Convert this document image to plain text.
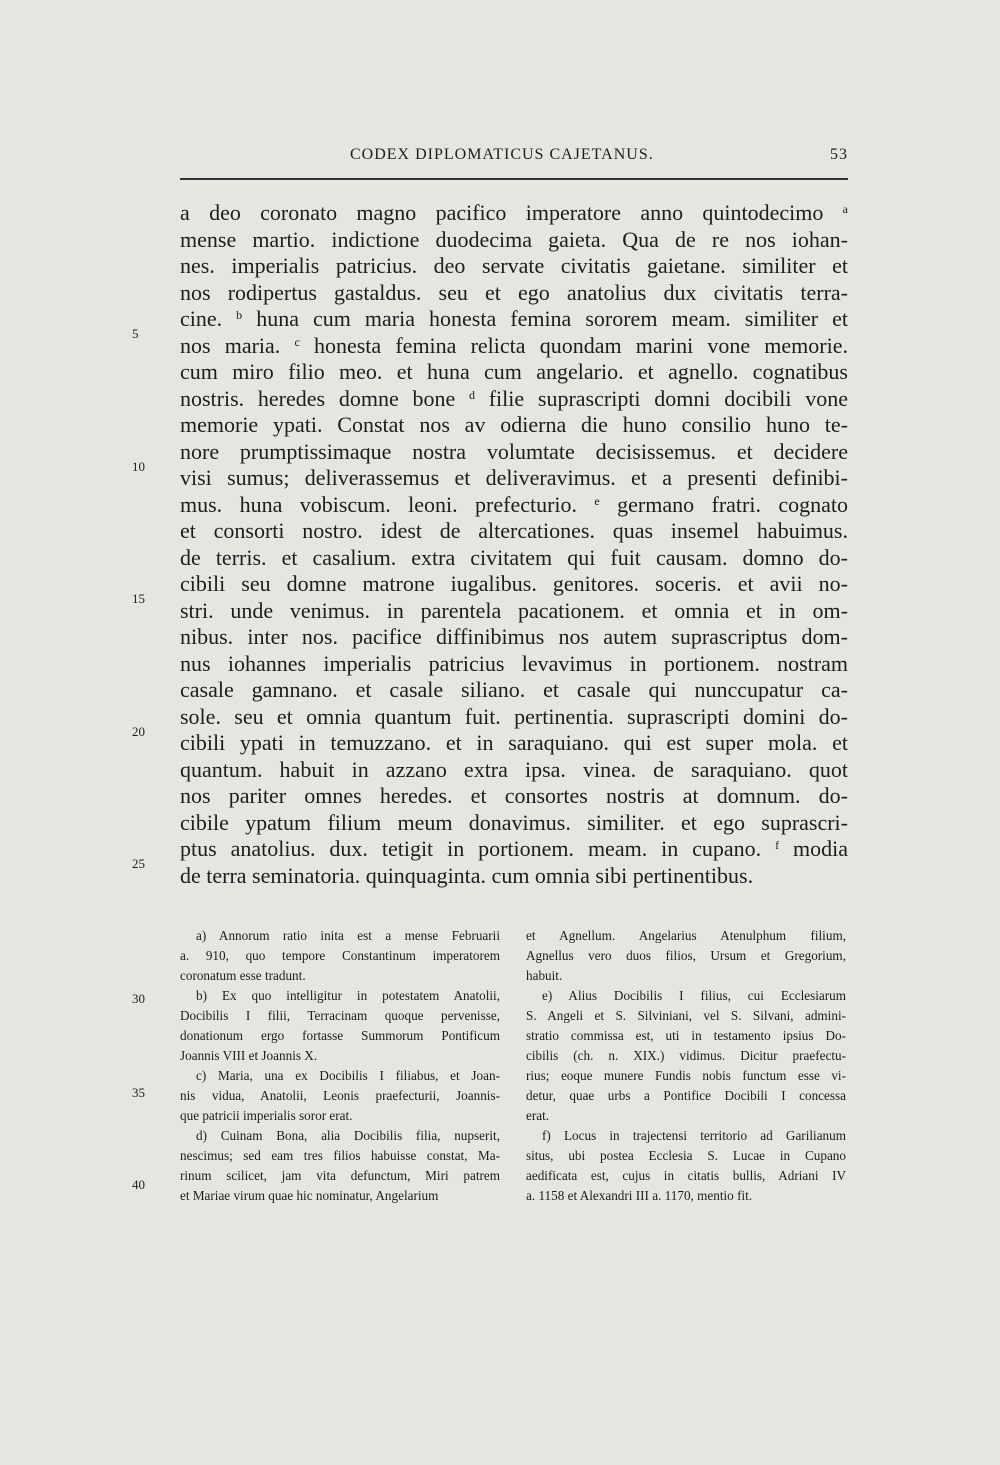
CODEX DIPLOMATICUS CAJETANUS.	53
a deo coronato magno pacifico imperatore anno quintodecimo $^a$
mense martio. indictione duodecima gaieta. Qua de re nos iohan-
nes. imperialis patricius. deo servate civitatis gaietane. similiter et
nos rodipertus gastaldus. seu et ego anatolius dux civitatis terra-
cine. $^b$ huna cum maria honesta femina sororem meam. similiter et
nos maria. $^c$ honesta femina relicta quondam marini vone memorie.
cum miro filio meo. et huna cum angelario. et agnello. cognatibus
nostris. heredes domne bone $^d$ filie suprascripti domni docibili vone
memorie ypati. Constat nos av odierna die huno consilio huno te-
nore prumptissimaque nostra volumtate decisissemus. et decidere
visi sumus; deliverassemus et deliveravimus. et a presenti definibi-
mus. huna vobiscum. leoni. prefecturio. $^e$ germano fratri. cognato
et consorti nostro. idest de altercationes. quas insemel habuimus.
de terris. et casalium. extra civitatem qui fuit causam. domno do-
cibili seu domne matrone iugalibus. genitores. soceris. et avii no-
stri. unde venimus. in parentela pacationem. et omnia et in om-
nibus. inter nos. pacifice diffinibimus nos autem suprascriptus dom-
nus iohannes imperialis patricius levavimus in portionem. nostram
casale gamnano. et casale siliano. et casale qui nunccupatur ca-
sole. seu et omnia quantum fuit. pertinentia. suprascripti domini do-
cibili ypati in temuzzano. et in saraquiano. qui est super mola. et
quantum. habuit in azzano extra ipsa. vinea. de saraquiano. quot
nos pariter omnes heredes. et consortes nostris at domnum. do-
cibile ypatum filium meum donavimus. similiter. et ego suprascri-
ptus anatolius. dux. tetigit in portionem. meam. in cupano. $^f$ modia
de terra seminatoria. quinquaginta. cum omnia sibi pertinentibus.
5
10
15
20
25
30
35
40
a) Annorum ratio inita est a mense Februarii
a. 910, quo tempore Constantinum imperatorem
coronatum esse tradunt.
b) Ex quo intelligitur in potestatem Anatolii,
Docibilis I filii, Terracinam quoque pervenisse,
donationum ergo fortasse Summorum Pontificum
Joannis VIII et Joannis X.
c) Maria, una ex Docibilis I filiabus, et Joan-
nis vidua, Anatolii, Leonis praefecturii, Joannis-
que patricii imperialis soror erat.
d) Cuinam Bona, alia Docibilis filia, nupserit,
nescimus; sed eam tres filios habuisse constat, Ma-
rinum scilicet, jam vita defunctum, Miri patrem
et Mariae virum quae hic nominatur, Angelarium
et Agnellum. Angelarius Atenulphum filium,
Agnellus vero duos filios, Ursum et Gregorium,
habuit.
e) Alius Docibilis I filius, cui Ecclesiarum
S. Angeli et S. Silviniani, vel S. Silvani, admini-
stratio commissa est, uti in testamento ipsius Do-
cibilis (ch. n. XIX.) vidimus. Dicitur praefectu-
rius; eoque munere Fundis nobis functum esse vi-
detur, quae urbs a Pontifice Docibili I concessa
erat.
f) Locus in trajectensi territorio ad Garilianum
situs, ubi postea Ecclesia S. Lucae in Cupano
aedificata est, cujus in citatis bullis, Adriani IV
a. 1158 et Alexandri III a. 1170, mentio fit.
